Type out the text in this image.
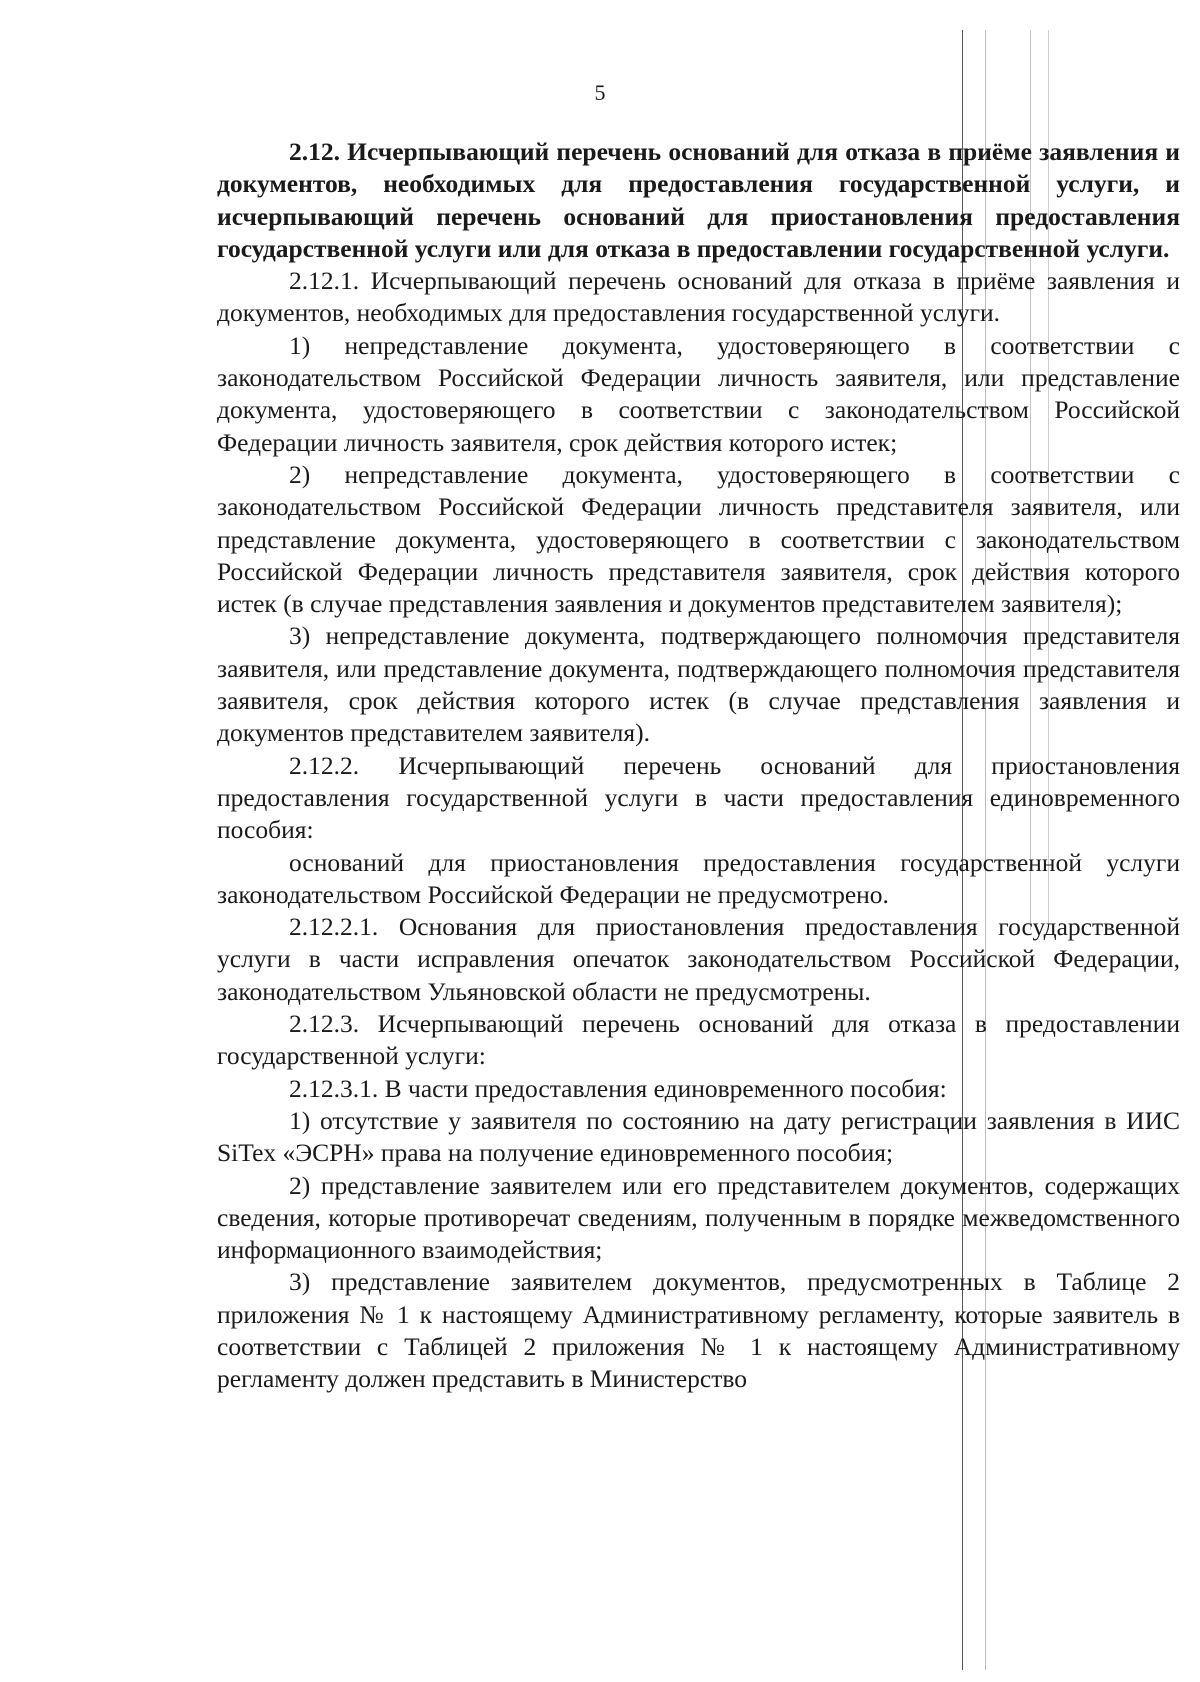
5

2.12. Исчерпывающий перечень оснований для отказа в приёме заявления и документов, необходимых для предоставления государственной услуги, и исчерпывающий перечень оснований для приостановления предоставления государственной услуги или для отказа в предоставлении государственной услуги.

2.12.1. Исчерпывающий перечень оснований для отказа в приёме заявления и документов, необходимых для предоставления государственной услуги.

1) непредставление документа, удостоверяющего в соответствии с законодательством Российской Федерации личность заявителя, или представление документа, удостоверяющего в соответствии с законодательством Российской Федерации личность заявителя, срок действия которого истек;

2) непредставление документа, удостоверяющего в соответствии с законодательством Российской Федерации личность представителя заявителя, или представление документа, удостоверяющего в соответствии с законодательством Российской Федерации личность представителя заявителя, срок действия которого истек (в случае представления заявления и документов представителем заявителя);

3) непредставление документа, подтверждающего полномочия представителя заявителя, или представление документа, подтверждающего полномочия представителя заявителя, срок действия которого истек (в случае представления заявления и документов представителем заявителя).

2.12.2. Исчерпывающий перечень оснований для приостановления предоставления государственной услуги в части предоставления единовременного пособия:

оснований для приостановления предоставления государственной услуги законодательством Российской Федерации не предусмотрено.

2.12.2.1. Основания для приостановления предоставления государственной услуги в части исправления опечаток законодательством Российской Федерации, законодательством Ульяновской области не предусмотрены.

2.12.3. Исчерпывающий перечень оснований для отказа в предоставлении государственной услуги:

2.12.3.1. В части предоставления единовременного пособия:

1) отсутствие у заявителя по состоянию на дату регистрации заявления в ИИС SiTex «ЭСРН» права на получение единовременного пособия;

2) представление заявителем или его представителем документов, содержащих сведения, которые противоречат сведениям, полученным в порядке межведомственного информационного взаимодействия;

3) представление заявителем документов, предусмотренных в Таблице 2 приложения № 1 к настоящему Административному регламенту, которые заявитель в соответствии с Таблицей 2 приложения № 1 к настоящему Административному регламенту должен представить в Министерство
